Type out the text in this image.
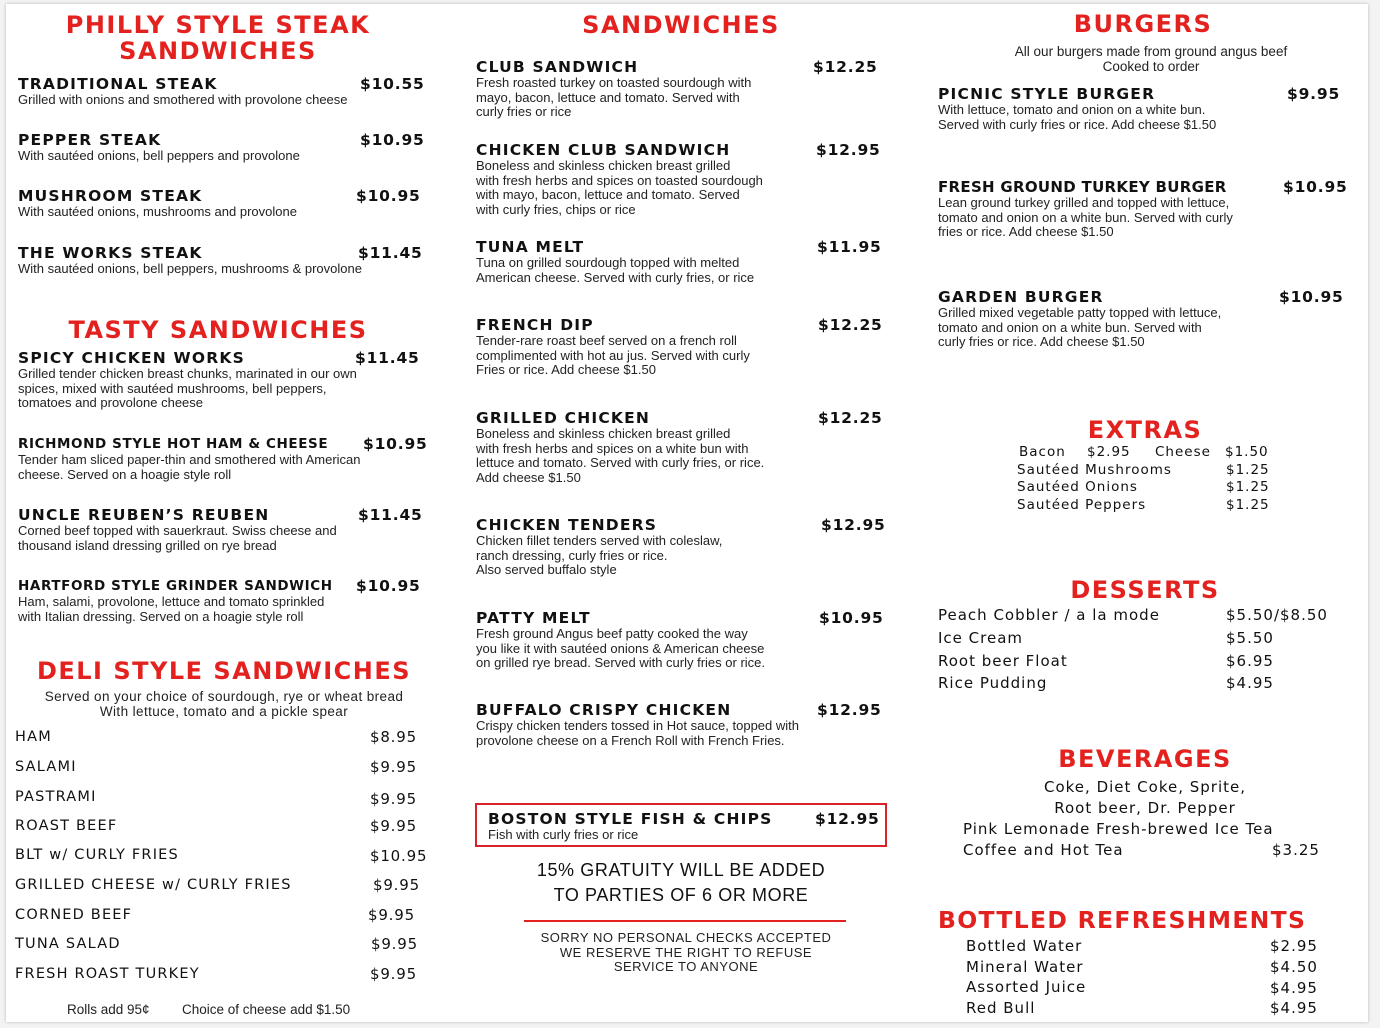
PHILLY STYLE STEAK
SANDWICHES
TRADITIONAL STEAK	$10.55
Grilled with onions and smothered with provolone cheese
PEPPER STEAK	$10.95
With sautéed onions, bell peppers and provolone
MUSHROOM STEAK	$10.95
With sautéed onions, mushrooms and provolone
THE WORKS STEAK	$11.45
With sautéed onions, bell peppers, mushrooms & provolone
TASTY SANDWICHES
SPICY CHICKEN WORKS	$11.45
Grilled tender chicken breast chunks, marinated in our own
spices, mixed with sautéed mushrooms, bell peppers,
tomatoes and provolone cheese
RICHMOND STYLE HOT HAM & CHEESE	$10.95
Tender ham sliced paper-thin and smothered with American
cheese. Served on a hoagie style roll
UNCLE REUBEN’S REUBEN	$11.45
Corned beef topped with sauerkraut. Swiss cheese and
thousand island dressing grilled on rye bread
HARTFORD STYLE GRINDER SANDWICH	$10.95
Ham, salami, provolone, lettuce and tomato sprinkled
with Italian dressing. Served on a hoagie style roll
DELI STYLE SANDWICHES
Served on your choice of sourdough, rye or wheat bread
With lettuce, tomato and a pickle spear
HAM	$8.95
SALAMI	$9.95
PASTRAMI	$9.95
ROAST BEEF	$9.95
BLT w/ CURLY FRIES	$10.95
GRILLED CHEESE w/ CURLY FRIES	$9.95
CORNED BEEF	$9.95
TUNA SALAD	$9.95
FRESH ROAST TURKEY	$9.95
Rolls add 95¢ Choice of cheese add $1.50
SANDWICHES
CLUB SANDWICH	$12.25
Fresh roasted turkey on toasted sourdough with
mayo, bacon, lettuce and tomato. Served with
curly fries or rice
CHICKEN CLUB SANDWICH	$12.95
Boneless and skinless chicken breast grilled
with fresh herbs and spices on toasted sourdough
with mayo, bacon, lettuce and tomato. Served
with curly fries, chips or rice
TUNA MELT	$11.95
Tuna on grilled sourdough topped with melted
American cheese. Served with curly fries, or rice
FRENCH DIP	$12.25
Tender-rare roast beef served on a french roll
complimented with hot au jus. Served with curly
Fries or rice. Add cheese $1.50
GRILLED CHICKEN	$12.25
Boneless and skinless chicken breast grilled
with fresh herbs and spices on a white bun with
lettuce and tomato. Served with curly fries, or rice.
Add cheese $1.50
CHICKEN TENDERS	$12.95
Chicken fillet tenders served with coleslaw,
ranch dressing, curly fries or rice.
Also served buffalo style
PATTY MELT	$10.95
Fresh ground Angus beef patty cooked the way
you like it with sautéed onions & American cheese
on grilled rye bread. Served with curly fries or rice.
BUFFALO CRISPY CHICKEN	$12.95
Crispy chicken tenders tossed in Hot sauce, topped with
provolone cheese on a French Roll with French Fries.
BOSTON STYLE FISH & CHIPS	$12.95
Fish with curly fries or rice
15% GRATUITY WILL BE ADDED
TO PARTIES OF 6 OR MORE
SORRY NO PERSONAL CHECKS ACCEPTED
WE RESERVE THE RIGHT TO REFUSE
SERVICE TO ANYONE
BURGERS
All our burgers made from ground angus beef
Cooked to order
PICNIC STYLE BURGER	$9.95
With lettuce, tomato and onion on a white bun.
Served with curly fries or rice. Add cheese $1.50
FRESH GROUND TURKEY BURGER	$10.95
Lean ground turkey grilled and topped with lettuce,
tomato and onion on a white bun. Served with curly
fries or rice. Add cheese $1.50
GARDEN BURGER	$10.95
Grilled mixed vegetable patty topped with lettuce,
tomato and onion on a white bun. Served with
curly fries or rice. Add cheese $1.50
EXTRAS
Bacon $2.95 Cheese $1.50
Sautéed Mushrooms	$1.25
Sautéed Onions	$1.25
Sautéed Peppers	$1.25
DESSERTS
Peach Cobbler / a la mode	$5.50/$8.50
Ice Cream	$5.50
Root beer Float	$6.95
Rice Pudding	$4.95
BEVERAGES
Coke, Diet Coke, Sprite,
Root beer, Dr. Pepper
Pink Lemonade Fresh-brewed Ice Tea
Coffee and Hot Tea	$3.25
BOTTLED REFRESHMENTS
Bottled Water	$2.95
Mineral Water	$4.50
Assorted Juice	$4.95
Red Bull	$4.95
